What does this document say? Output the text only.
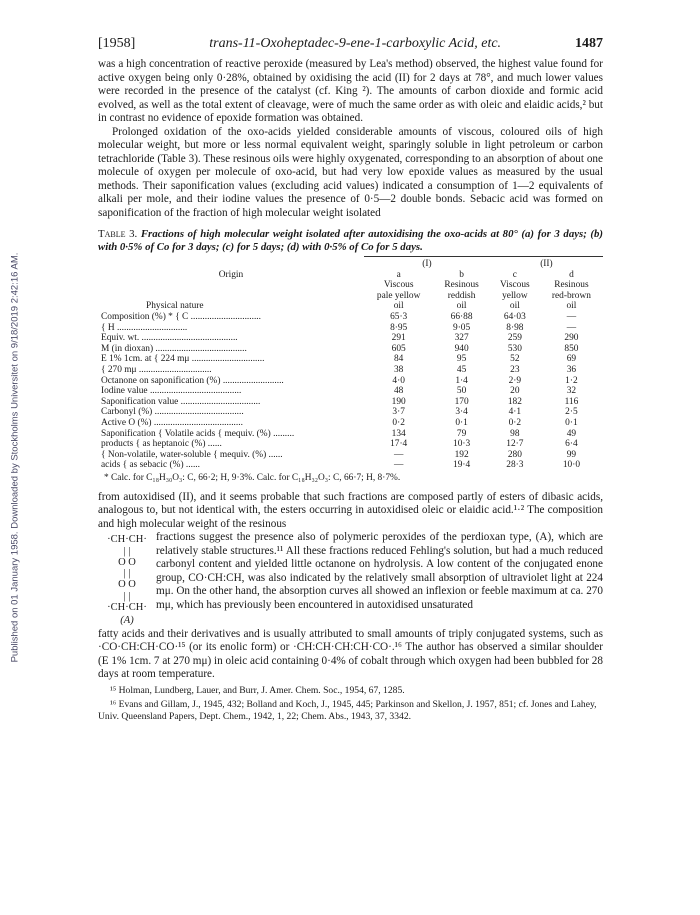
Published on 01 January 1958. Downloaded by Stockholms Universitet on 9/18/2019 2:42:16 AM.
[1958]	trans-11-Oxoheptadec-9-ene-1-carboxylic Acid, etc.	1487

was a high concentration of reactive peroxide (measured by Lea's method) observed, the highest value found for active oxygen being only 0·28%, obtained by oxidising the acid (II) for 2 days at 78°, and much lower values were recorded in the presence of the catalyst (cf. King ²). The amounts of carbon dioxide and formic acid evolved, as well as the total extent of cleavage, were of much the same order as with oleic and elaidic acids,² but in contrast no evidence of epoxide formation was obtained.

Prolonged oxidation of the oxo-acids yielded considerable amounts of viscous, coloured oils of high molecular weight, but more or less normal equivalent weight, sparingly soluble in light petroleum or carbon tetrachloride (Table 3). These resinous oils were highly oxygenated, corresponding to an absorption of about one molecule of oxygen per molecule of oxo-acid, but had very low epoxide values as measured by the usual methods. Their saponification values (excluding acid values) indicated a consumption of 1—2 equivalents of alkali per mole, and their iodine values the presence of 0·5—2 double bonds. Sebacic acid was formed on saponification of the fraction of high molecular weight isolated

Table 3. Fractions of high molecular weight isolated after autoxidising the oxo-acids at 80° (a) for 3 days; (b) with 0·5% of Co for 3 days; (c) for 5 days; (d) with 0·5% of Co for 5 days.
	(I)		(II)	
Origin	a	b	c	d
	Viscous	Resinous	Viscous	Resinous
	pale yellow	reddish	yellow	red-brown
Physical nature	oil	oil	oil	oil
Composition (%) * { C ..............................	65·3	66·88	64·03	—
{ H ..............................	8·95	9·05	8·98	—
Equiv. wt. .........................................	291	327	259	290
M (in dioxan) .......................................	605	940	530	850
E 1% 1cm. at { 224 mμ ...............................	84	95	52	69
{ 270 mμ ...............................	38	45	23	36
Octanone on saponification (%) ..........................	4·0	1·4	2·9	1·2
Iodine value .......................................	48	50	20	32
Saponification value ..................................	190	170	182	116
Carbonyl (%) ......................................	3·7	3·4	4·1	2·5
Active O (%) ......................................	0·2	0·1	0·2	0·1
Saponification { Volatile acids { mequiv. (%) .........	134	79	98	49
products { as heptanoic (%) ......	17·4	10·3	12·7	6·4
{ Non-volatile, water-soluble { mequiv. (%) ......	—	192	280	99
acids { as sebacic (%) ......	—	19·4	28·3	10·0
* Calc. for C₁₈H₃₀O₃: C, 66·2; H, 9·3%. Calc. for C₁₈H₃₂O₃: C, 66·7; H, 8·7%.

from autoxidised (II), and it seems probable that such fractions are composed partly of esters of dibasic acids, analogous to, but not identical with, the esters occurring in autoxidised oleic or elaidic acid.¹·² The composition and high molecular weight of the resinous

·CH·CH·
| |
O O
| |
O O
| |
·CH·CH·
(A)

fractions suggest the presence also of polymeric peroxides of the perdioxan type, (A), which are relatively stable structures.¹¹ All these fractions reduced Fehling's solution, but had a much reduced carbonyl content and yielded little octanone on hydrolysis. A low content of the conjugated enone group, CO·CH:CH, was also indicated by the relatively small absorption of ultraviolet light at 224 mμ. On the other hand, the absorption curves all showed an inflexion or feeble maximum at ca. 270 mμ, which has previously been encountered in autoxidised unsaturated

fatty acids and their derivatives and is usually attributed to small amounts of triply conjugated systems, such as ·CO·CH:CH·CO·¹⁵ (or its enolic form) or ·CH:CH·CH:CH·CO·.¹⁶ The author has observed a similar shoulder (E 1% 1cm. 7 at 270 mμ) in oleic acid containing 0·4% of cobalt through which oxygen had been bubbled for 28 days at room temperature.

¹⁵ Holman, Lundberg, Lauer, and Burr, J. Amer. Chem. Soc., 1954, 67, 1285.
¹⁶ Evans and Gillam, J., 1945, 432; Bolland and Koch, J., 1945, 445; Parkinson and Skellon, J. 1957, 851; cf. Jones and Lahey, Univ. Queensland Papers, Dept. Chem., 1942, 1, 22; Chem. Abs., 1943, 37, 3342.
